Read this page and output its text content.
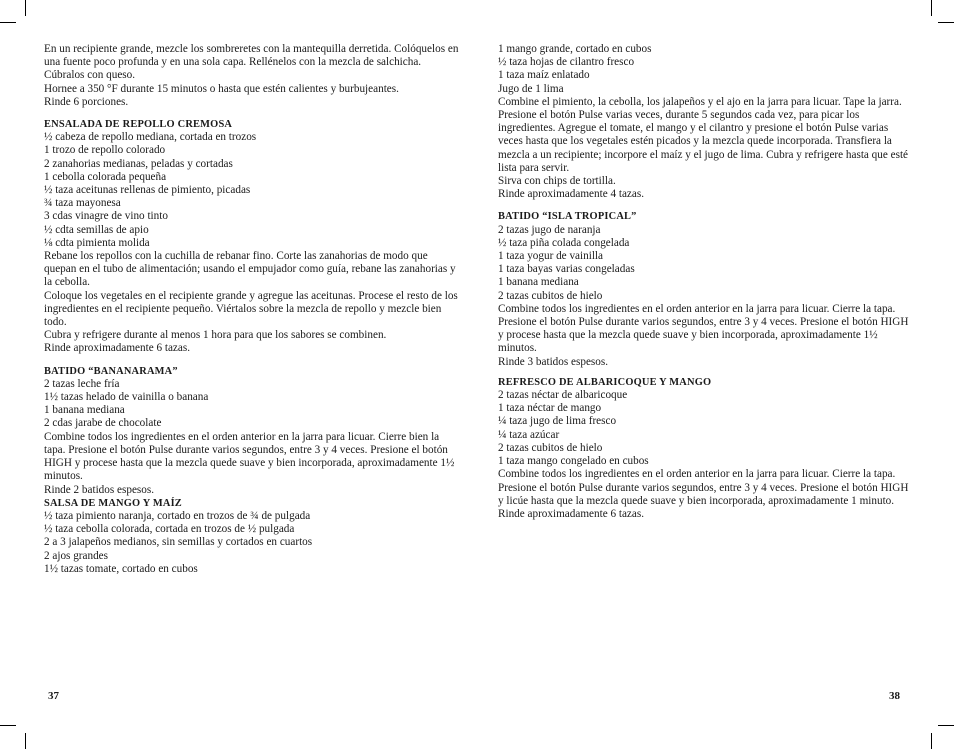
En un recipiente grande, mezcle los sombreretes con la mantequilla derretida. Colóquelos en una fuente poco profunda y en una sola capa. Rellénelos con la mezcla de salchicha. Cúbralos con queso.

Hornee a 350 °F durante 15 minutos o hasta que estén calientes y burbujeantes.

Rinde 6 porciones.

ENSALADA DE REPOLLO CREMOSA
½ cabeza de repollo mediana, cortada en trozos
1 trozo de repollo colorado
2 zanahorias medianas, peladas y cortadas
1 cebolla colorada pequeña
½ taza aceitunas rellenas de pimiento, picadas
¾ taza mayonesa
3 cdas vinagre de vino tinto
½ cdta semillas de apio
⅛ cdta pimienta molida

Rebane los repollos con la cuchilla de rebanar fino. Corte las zanahorias de modo que quepan en el tubo de alimentación; usando el empujador como guía, rebane las zanahorias y la cebolla.

Coloque los vegetales en el recipiente grande y agregue las aceitunas. Procese el resto de los ingredientes en el recipiente pequeño. Viértalos sobre la mezcla de repollo y mezcle bien todo.

Cubra y refrigere durante al menos 1 hora para que los sabores se combinen.

Rinde aproximadamente 6 tazas.

BATIDO “BANANARAMA”
2 tazas leche fría
1½ tazas helado de vainilla o banana
1 banana mediana
2 cdas jarabe de chocolate

Combine todos los ingredientes en el orden anterior en la jarra para licuar. Cierre bien la tapa. Presione el botón Pulse durante varios segundos, entre 3 y 4 veces. Presione el botón HIGH y procese hasta que la mezcla quede suave y bien incorporada, aproximadamente 1½ minutos.

Rinde 2 batidos espesos.

SALSA DE MANGO Y MAÍZ
½ taza pimiento naranja, cortado en trozos de ¾ de pulgada
½ taza cebolla colorada, cortada en trozos de ½ pulgada
2 a 3 jalapeños medianos, sin semillas y cortados en cuartos
2 ajos grandes
1½ tazas tomate, cortado en cubos
1 mango grande, cortado en cubos
½ taza hojas de cilantro fresco
1 taza maíz enlatado
Jugo de 1 lima

Combine el pimiento, la cebolla, los jalapeños y el ajo en la jarra para licuar. Tape la jarra. Presione el botón Pulse varias veces, durante 5 segundos cada vez, para picar los ingredientes. Agregue el tomate, el mango y el cilantro y presione el botón Pulse varias veces hasta que los vegetales estén picados y la mezcla quede incorporada. Transfiera la mezcla a un recipiente; incorpore el maíz y el jugo de lima. Cubra y refrigere hasta que esté lista para servir.

Sirva con chips de tortilla.

Rinde aproximadamente 4 tazas.

BATIDO “ISLA TROPICAL”
2 tazas jugo de naranja
½ taza piña colada congelada
1 taza yogur de vainilla
1 taza bayas varias congeladas
1 banana mediana
2 tazas cubitos de hielo

Combine todos los ingredientes en el orden anterior en la jarra para licuar. Cierre la tapa. Presione el botón Pulse durante varios segundos, entre 3 y 4 veces. Presione el botón HIGH y procese hasta que la mezcla quede suave y bien incorporada, aproximadamente 1½ minutos.

Rinde 3 batidos espesos.

REFRESCO DE ALBARICOQUE Y MANGO
2 tazas néctar de albaricoque
1 taza néctar de mango
¼ taza jugo de lima fresco
¼ taza azúcar
2 tazas cubitos de hielo
1 taza mango congelado en cubos

Combine todos los ingredientes en el orden anterior en la jarra para licuar. Cierre la tapa. Presione el botón Pulse durante varios segundos, entre 3 y 4 veces. Presione el botón HIGH y licúe hasta que la mezcla quede suave y bien incorporada, aproximadamente 1 minuto.

Rinde aproximadamente 6 tazas.

37	38
